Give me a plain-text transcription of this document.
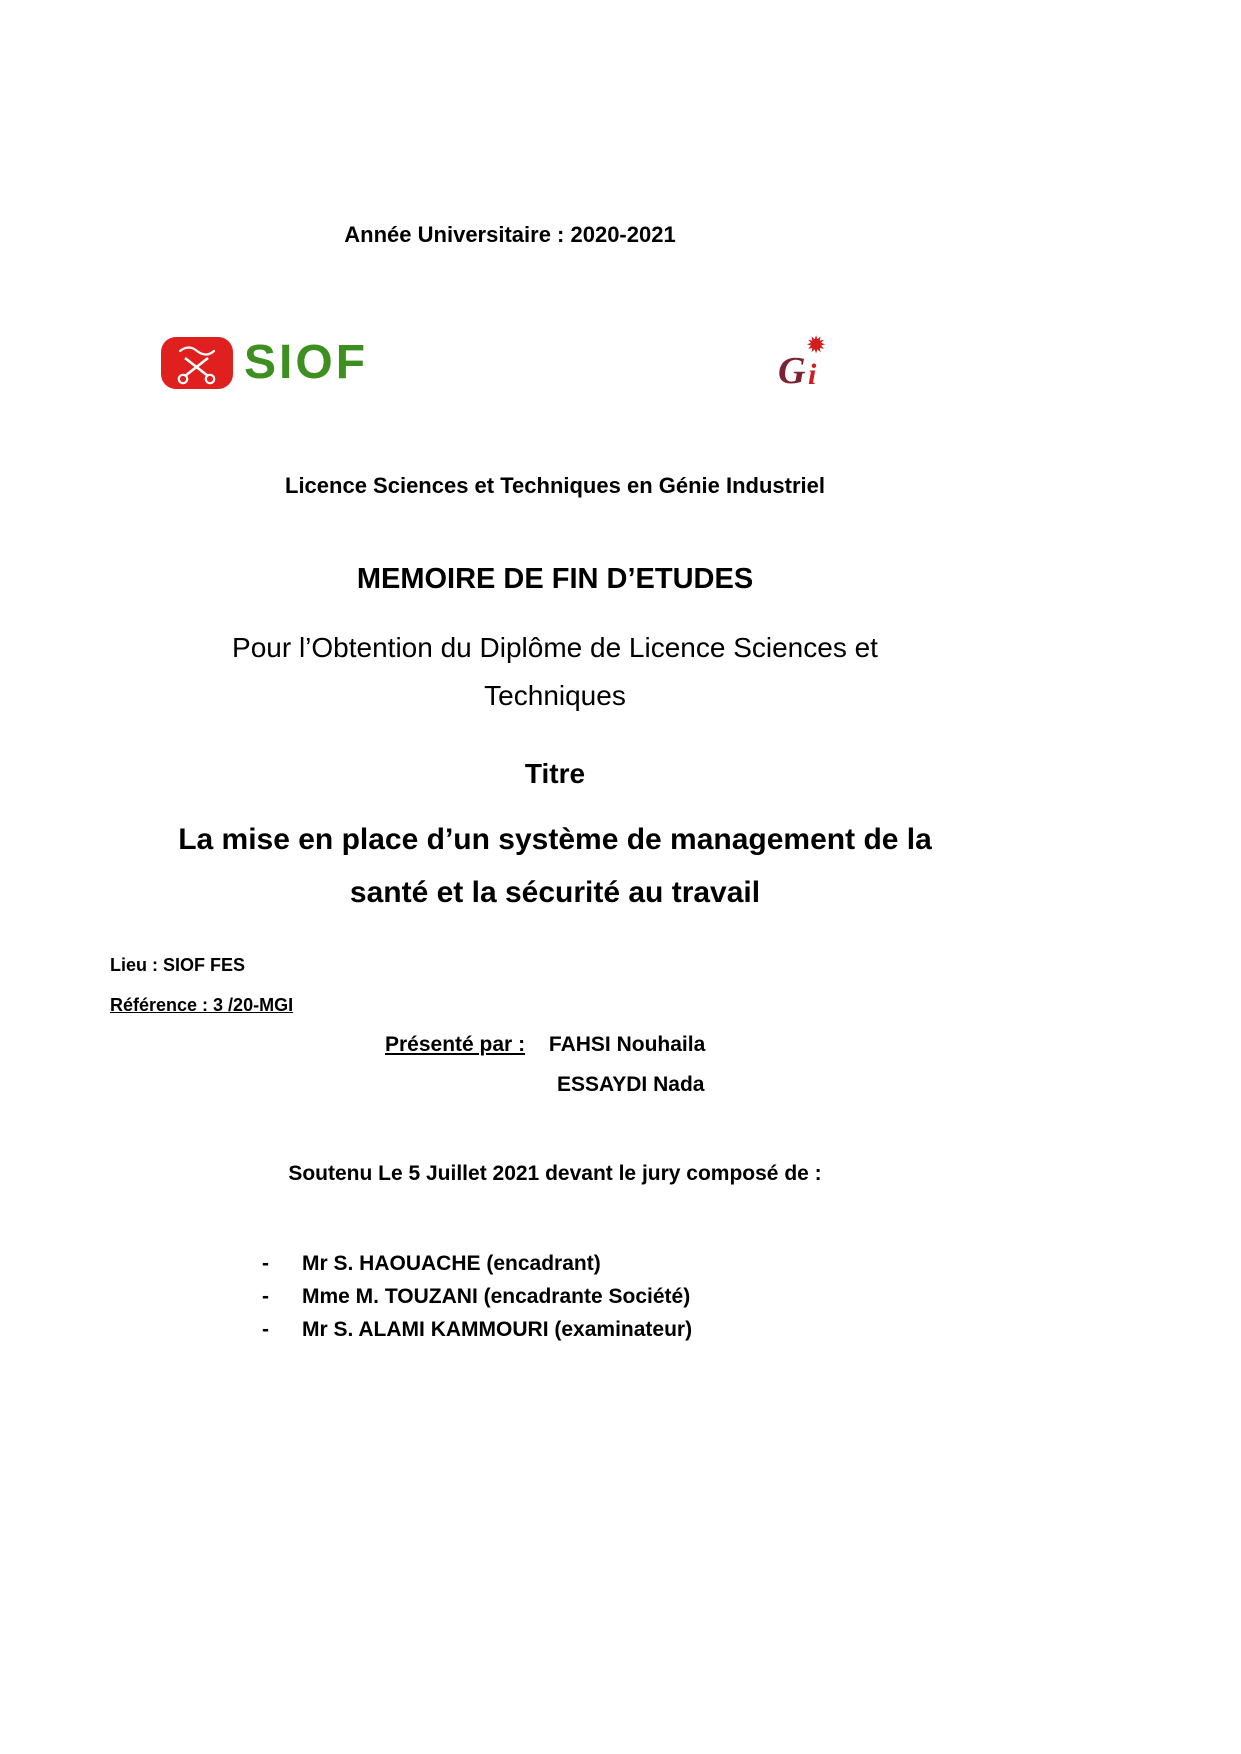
Année Universitaire : 2020-2021
SIOF	✹
G i
Licence Sciences et Techniques en Génie Industriel
MEMOIRE DE FIN D’ETUDES
Pour l’Obtention du Diplôme de Licence Sciences et Techniques
Titre
La mise en place d’un système de management de la santé et la sécurité au travail
Lieu : SIOF FES
Référence : 3 /20-MGI
Présenté par : FAHSI Nouhaila
ESSAYDI Nada
Soutenu Le 5 Juillet 2021 devant le jury composé de :
- Mr S. HAOUACHE (encadrant)
- Mme M. TOUZANI (encadrante Société)
- Mr S. ALAMI KAMMOURI (examinateur)
